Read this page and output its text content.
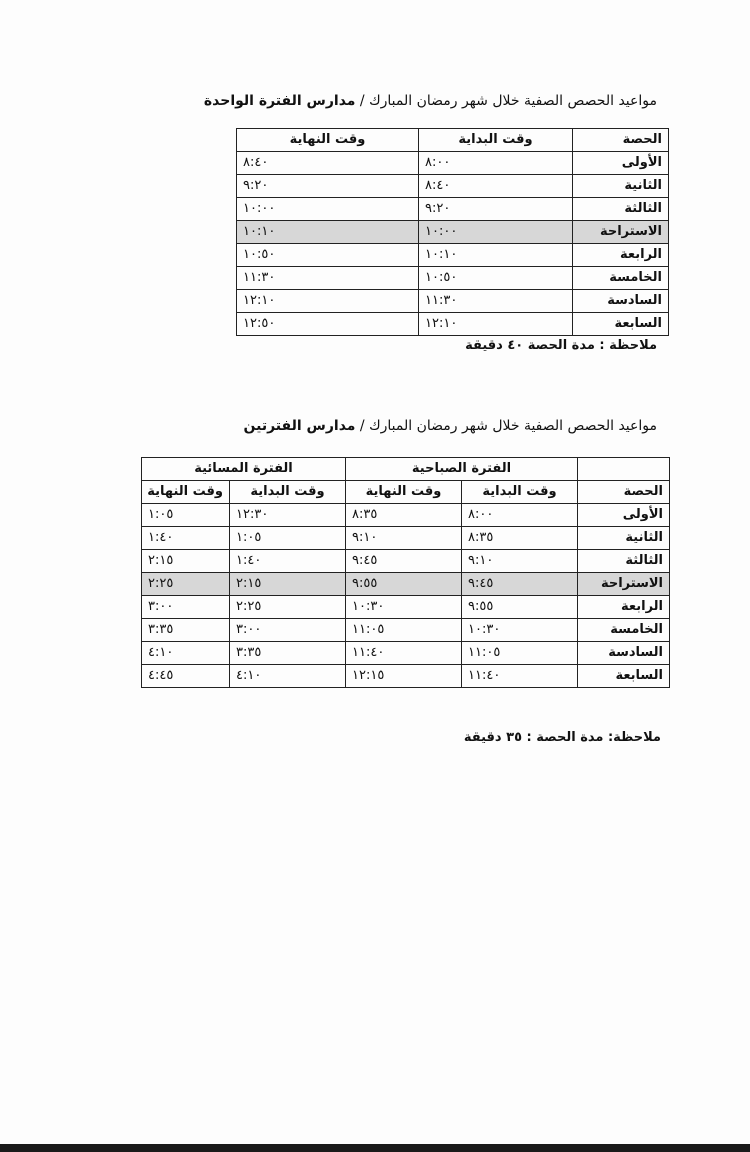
مواعيد الحصص الصفية خلال شهر رمضان المبارك / مدارس الفترة الواحدة
الحصة	وقت البداية	وقت النهاية
الأولى	٨:٠٠	٨:٤٠
الثانية	٨:٤٠	٩:٢٠
الثالثة	٩:٢٠	١٠:٠٠
الاستراحة	١٠:٠٠	١٠:١٠
الرابعة	١٠:١٠	١٠:٥٠
الخامسة	١٠:٥٠	١١:٣٠
السادسة	١١:٣٠	١٢:١٠
السابعة	١٢:١٠	١٢:٥٠
ملاحظة : مدة الحصة ٤٠ دقيقة
مواعيد الحصص الصفية خلال شهر رمضان المبارك / مدارس الفترتين
	الفترة الصباحية		الفترة المسائية	
الحصة	وقت البداية	وقت النهاية	وقت البداية	وقت النهاية
الأولى	٨:٠٠	٨:٣٥	١٢:٣٠	١:٠٥
الثانية	٨:٣٥	٩:١٠	١:٠٥	١:٤٠
الثالثة	٩:١٠	٩:٤٥	١:٤٠	٢:١٥
الاستراحة	٩:٤٥	٩:٥٥	٢:١٥	٢:٢٥
الرابعة	٩:٥٥	١٠:٣٠	٢:٢٥	٣:٠٠
الخامسة	١٠:٣٠	١١:٠٥	٣:٠٠	٣:٣٥
السادسة	١١:٠٥	١١:٤٠	٣:٣٥	٤:١٠
السابعة	١١:٤٠	١٢:١٥	٤:١٠	٤:٤٥
ملاحظة: مدة الحصة : ٣٥ دقيقة
